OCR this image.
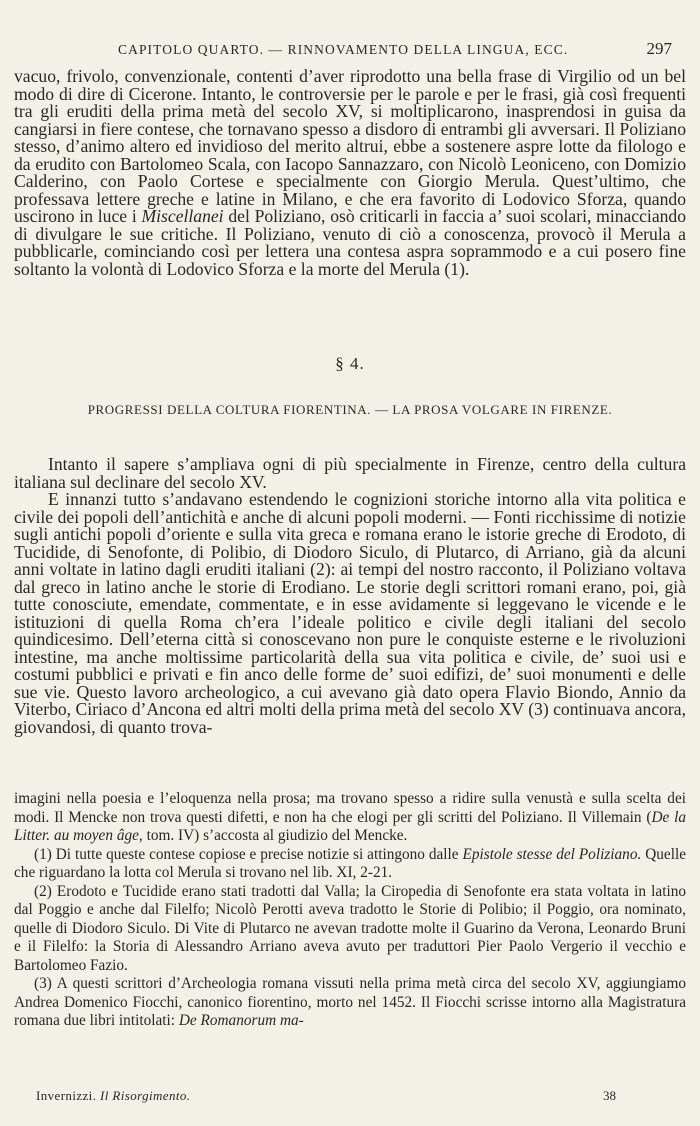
CAPITOLO QUARTO. — RINNOVAMENTO DELLA LINGUA, ECC.	297

vacuo, frivolo, convenzionale, contenti d’aver riprodotto una bella frase di Virgilio od un bel modo di dire di Cicerone. Intanto, le controversie per le parole e per le frasi, già così frequenti tra gli eruditi della prima metà del secolo XV, si moltiplicarono, inasprendosi in guisa da cangiarsi in fiere contese, che tornavano spesso a disdoro di entrambi gli avversari. Il Poliziano stesso, d’animo altero ed invidioso del merito altrui, ebbe a sostenere aspre lotte da filologo e da erudito con Bartolomeo Scala, con Iacopo Sannazzaro, con Nicolò Leoniceno, con Domizio Calderino, con Paolo Cortese e specialmente con Giorgio Merula. Quest’ultimo, che professava lettere greche e latine in Milano, e che era favorito di Lodovico Sforza, quando uscirono in luce i Miscellanei del Poliziano, osò criticarli in faccia a’ suoi scolari, minacciando di divulgare le sue critiche. Il Poliziano, venuto di ciò a conoscenza, provocò il Merula a pubblicarle, cominciando così per lettera una contesa aspra soprammodo e a cui posero fine soltanto la volontà di Lodovico Sforza e la morte del Merula (1).

§ 4.
PROGRESSI DELLA COLTURA FIORENTINA. — LA PROSA VOLGARE IN FIRENZE.

Intanto il sapere s’ampliava ogni di più specialmente in Firenze, centro della cultura italiana sul declinare del secolo XV.

E innanzi tutto s’andavano estendendo le cognizioni storiche intorno alla vita politica e civile dei popoli dell’antichità e anche di alcuni popoli moderni. — Fonti ricchissime di notizie sugli antichi popoli d’oriente e sulla vita greca e romana erano le istorie greche di Erodoto, di Tucidide, di Senofonte, di Polibio, di Diodoro Siculo, di Plutarco, di Arriano, già da alcuni anni voltate in latino dagli eruditi italiani (2): ai tempi del nostro racconto, il Poliziano voltava dal greco in latino anche le storie di Erodiano. Le storie degli scrittori romani erano, poi, già tutte conosciute, emendate, commentate, e in esse avidamente si leggevano le vicende e le istituzioni di quella Roma ch’era l’ideale politico e civile degli italiani del secolo quindicesimo. Dell’eterna città si conoscevano non pure le conquiste esterne e le rivoluzioni intestine, ma anche moltissime particolarità della sua vita politica e civile, de’ suoi usi e costumi pubblici e privati e fin anco delle forme de’ suoi edifizi, de’ suoi monumenti e delle sue vie. Questo lavoro archeologico, a cui avevano già dato opera Flavio Biondo, Annio da Viterbo, Ciriaco d’Ancona ed altri molti della prima metà del secolo XV (3) continuava ancora, giovandosi, di quanto trova-

imagini nella poesia e l’eloquenza nella prosa; ma trovano spesso a ridire sulla venustà e sulla scelta dei modi. Il Mencke non trova questi difetti, e non ha che elogi per gli scritti del Poliziano. Il Villemain (De la Litter. au moyen âge, tom. IV) s’accosta al giudizio del Mencke.

(1) Di tutte queste contese copiose e precise notizie si attingono dalle Epistole stesse del Poliziano. Quelle che riguardano la lotta col Merula si trovano nel lib. XI, 2-21.

(2) Erodoto e Tucidide erano stati tradotti dal Valla; la Ciropedia di Senofonte era stata voltata in latino dal Poggio e anche dal Filelfo; Nicolò Perotti aveva tradotto le Storie di Polibio; il Poggio, ora nominato, quelle di Diodoro Siculo. Di Vite di Plutarco ne avevan tradotte molte il Guarino da Verona, Leonardo Bruni e il Filelfo: la Storia di Alessandro Arriano aveva avuto per traduttori Pier Paolo Vergerio il vecchio e Bartolomeo Fazio.

(3) A questi scrittori d’Archeologia romana vissuti nella prima metà circa del secolo XV, aggiungiamo Andrea Domenico Fiocchi, canonico fiorentino, morto nel 1452. Il Fiocchi scrisse intorno alla Magistratura romana due libri intitolati: De Romanorum ma-

Invernizzi. Il Risorgimento.	38
